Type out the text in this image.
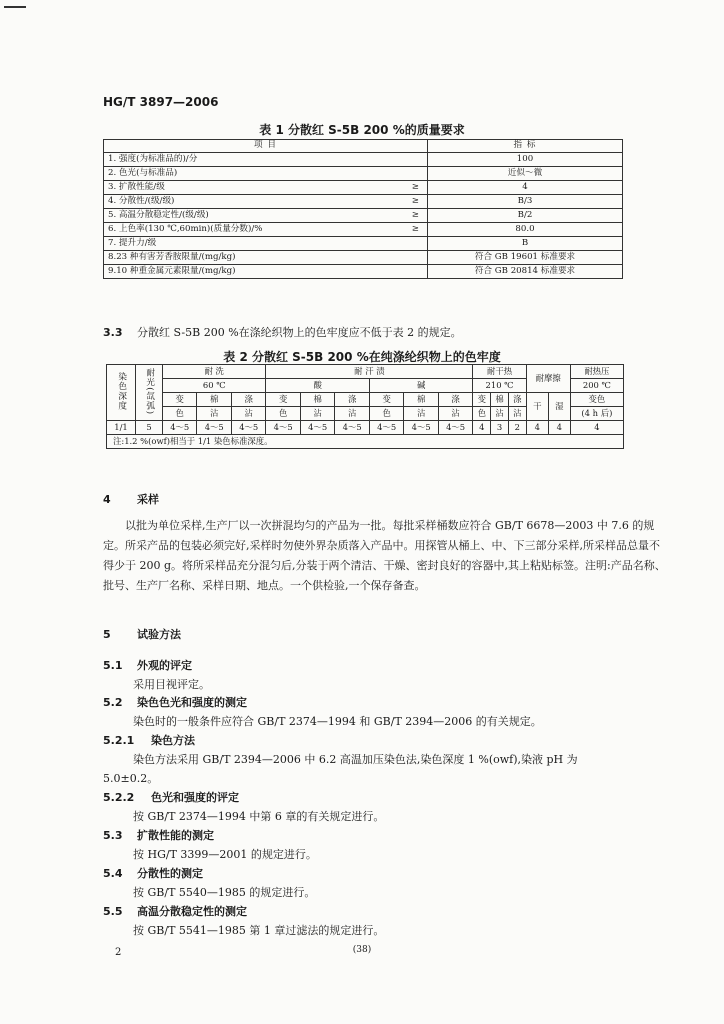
HG/T 3897—2006
表 1 分散红 S-5B 200 %的质量要求
项 目	指 标
1. 强度(为标准品的)/分	100
2. 色光(与标准品)	近似～微
3. 扩散性能/级 ≥	4
4. 分散性/(级/级) ≥	B/3
5. 高温分散稳定性/(级/级) ≥	B/2
6. 上色率(130 ℃,60min)(质量分数)/% ≥	80.0
7. 提升力/级	B
8.23 种有害芳香胺限量/(mg/kg)	符合 GB 19601 标准要求
9.10 种重金属元素限量/(mg/kg)	符合 GB 20814 标准要求
3.3 分散红 S-5B 200 %在涤纶织物上的色牢度应不低于表 2 的规定。
表 2 分散红 S-5B 200 %在纯涤纶织物上的色牢度
染色深度	耐光(氙弧)	耐 洗			耐 汗 渍						耐干热			耐摩擦		耐热压
		60 ℃			酸			碱			210 ℃					200 ℃
		变	棉	涤	变	棉	涤	变	棉	涤	变	棉	涤	干	湿	变色
		色	沾	沾	色	沾	沾	色	沾	沾	色	沾	沾			(4 h 后)
1/1	5	4～5	4～5	4～5	4～5	4～5	4～5	4～5	4～5	4～5	4	3	2	4	4	4
注:1.2 %(owf)相当于 1/1 染色标准深度。																
4 采样
以批为单位采样,生产厂以一次拼混均匀的产品为一批。每批采样桶数应符合 GB/T 6678—2003 中 7.6 的规定。所采产品的包装必须完好,采样时勿使外界杂质落入产品中。用探管从桶上、中、下三部分采样,所采样品总量不得少于 200 g。将所采样品充分混匀后,分装于两个清洁、干燥、密封良好的容器中,其上粘贴标签。注明:产品名称、批号、生产厂名称、采样日期、地点。一个供检验,一个保存备查。
5 试验方法
5.1 外观的评定
采用目视评定。
5.2 染色色光和强度的测定
染色时的一般条件应符合 GB/T 2374—1994 和 GB/T 2394—2006 的有关规定。
5.2.1 染色方法
染色方法采用 GB/T 2394—2006 中 6.2 高温加压染色法,染色深度 1 %(owf),染液 pH 为
5.0±0.2。
5.2.2 色光和强度的评定
按 GB/T 2374—1994 中第 6 章的有关规定进行。
5.3 扩散性能的测定
按 HG/T 3399—2001 的规定进行。
5.4 分散性的测定
按 GB/T 5540—1985 的规定进行。
5.5 高温分散稳定性的测定
按 GB/T 5541—1985 第 1 章过滤法的规定进行。
2	(38)
